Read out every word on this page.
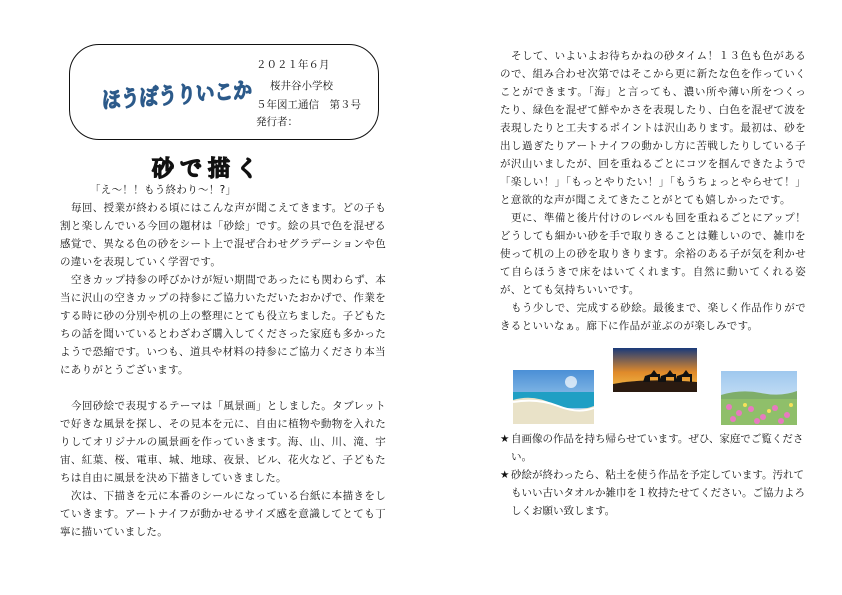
ほうぼうりいこか
２０２１年６月
桜井谷小学校
５年図工通信　第３号
発行者：
砂で描く

「え～！！もう終わり～！?」

毎回、授業が終わる頃にはこんな声が聞こえてきます。どの子も割と楽しんでいる今回の題材は「砂絵」です。絵の具で色を混ぜる感覚で、異なる色の砂をシート上で混ぜ合わせグラデーションや色の違いを表現していく学習です。

空きカップ持参の呼びかけが短い期間であったにも関わらず、本当に沢山の空きカップの持参にご協力いただいたおかげで、作業をする時に砂の分別や机の上の整理にとても役立ちました。子どもたちの話を聞いているとわざわざ購入してくださった家庭も多かったようで恐縮です。いつも、道具や材料の持参にご協力くださり本当にありがとうございます。

今回砂絵で表現するテーマは「風景画」としました。タブレットで好きな風景を探し、その見本を元に、自由に植物や動物を入れたりしてオリジナルの風景画を作っていきます。海、山、川、滝、宇宙、紅葉、桜、電車、城、地球、夜景、ビル、花火など、子どもたちは自由に風景を決め下描きしていきました。

次は、下描きを元に本番のシールになっている台紙に本描きをしていきます。アートナイフが動かせるサイズ感を意識してとても丁寧に描いていました。

そして、いよいよお待ちかねの砂タイム！１３色も色があるので、組み合わせ次第ではそこから更に新たな色を作っていくことができます。「海」と言っても、濃い所や薄い所をつくったり、緑色を混ぜて鮮やかさを表現したり、白色を混ぜて波を表現したりと工夫するポイントは沢山あります。最初は、砂を出し過ぎたりアートナイフの動かし方に苦戦したりしている子が沢山いましたが、回を重ねるごとにコツを掴んできたようで「楽しい！」「もっとやりたい！」「もうちょっとやらせて！」と意欲的な声が聞こえてきたことがとても嬉しかったです。

更に、準備と後片付けのレベルも回を重ねるごとにアップ！どうしても細かい砂を手で取りきることは難しいので、雑巾を使って机の上の砂を取りきります。余裕のある子が気を利かせて自らほうきで床をはいてくれます。自然に動いてくれる姿が、とても気持ちいいです。

もう少しで、完成する砂絵。最後まで、楽しく作品作りができるといいなぁ。廊下に作品が並ぶのが楽しみです。

★ 自画像の作品を持ち帰らせています。ぜひ、家庭でご覧ください。
★ 砂絵が終わったら、粘土を使う作品を予定しています。汚れてもいい古いタオルか雑巾を１枚持たせてください。ご協力よろしくお願い致します。
